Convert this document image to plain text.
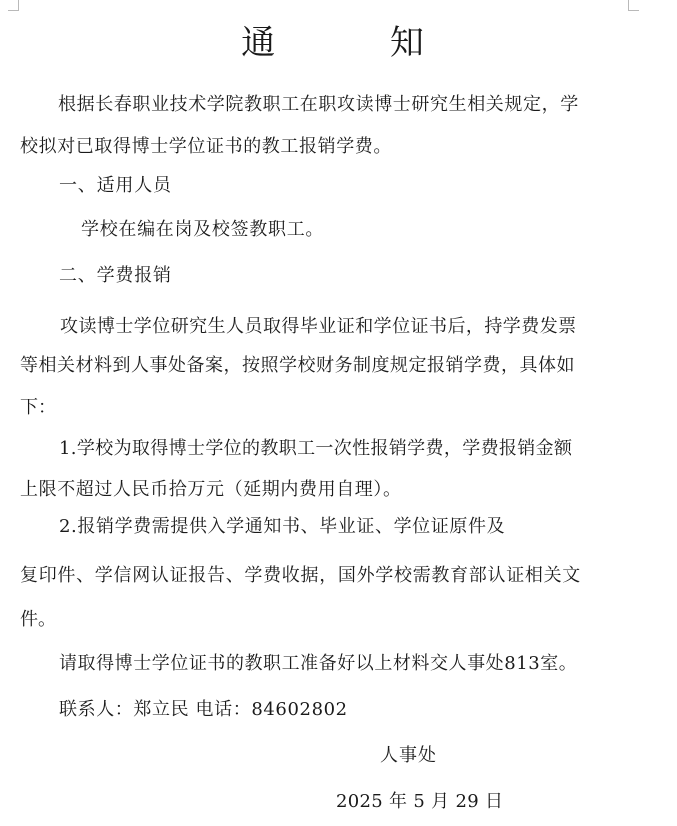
通 知
根据长春职业技术学院教职工在职攻读博士研究生相关规定，学
校拟对已取得博士学位证书的教工报销学费。
一、适用人员
学校在编在岗及校签教职工。
二、学费报销
攻读博士学位研究生人员取得毕业证和学位证书后，持学费发票
等相关材料到人事处备案，按照学校财务制度规定报销学费，具体如
下：
1.学校为取得博士学位的教职工一次性报销学费，学费报销金额
上限不超过人民币拾万元（延期内费用自理）。
2.报销学费需提供入学通知书、毕业证、学位证原件及
复印件、学信网认证报告、学费收据，国外学校需教育部认证相关文
件。
请取得博士学位证书的教职工准备好以上材料交人事处813室。
联系人：郑立民 电话：84602802
人事处
2025 年 5 月 29 日
